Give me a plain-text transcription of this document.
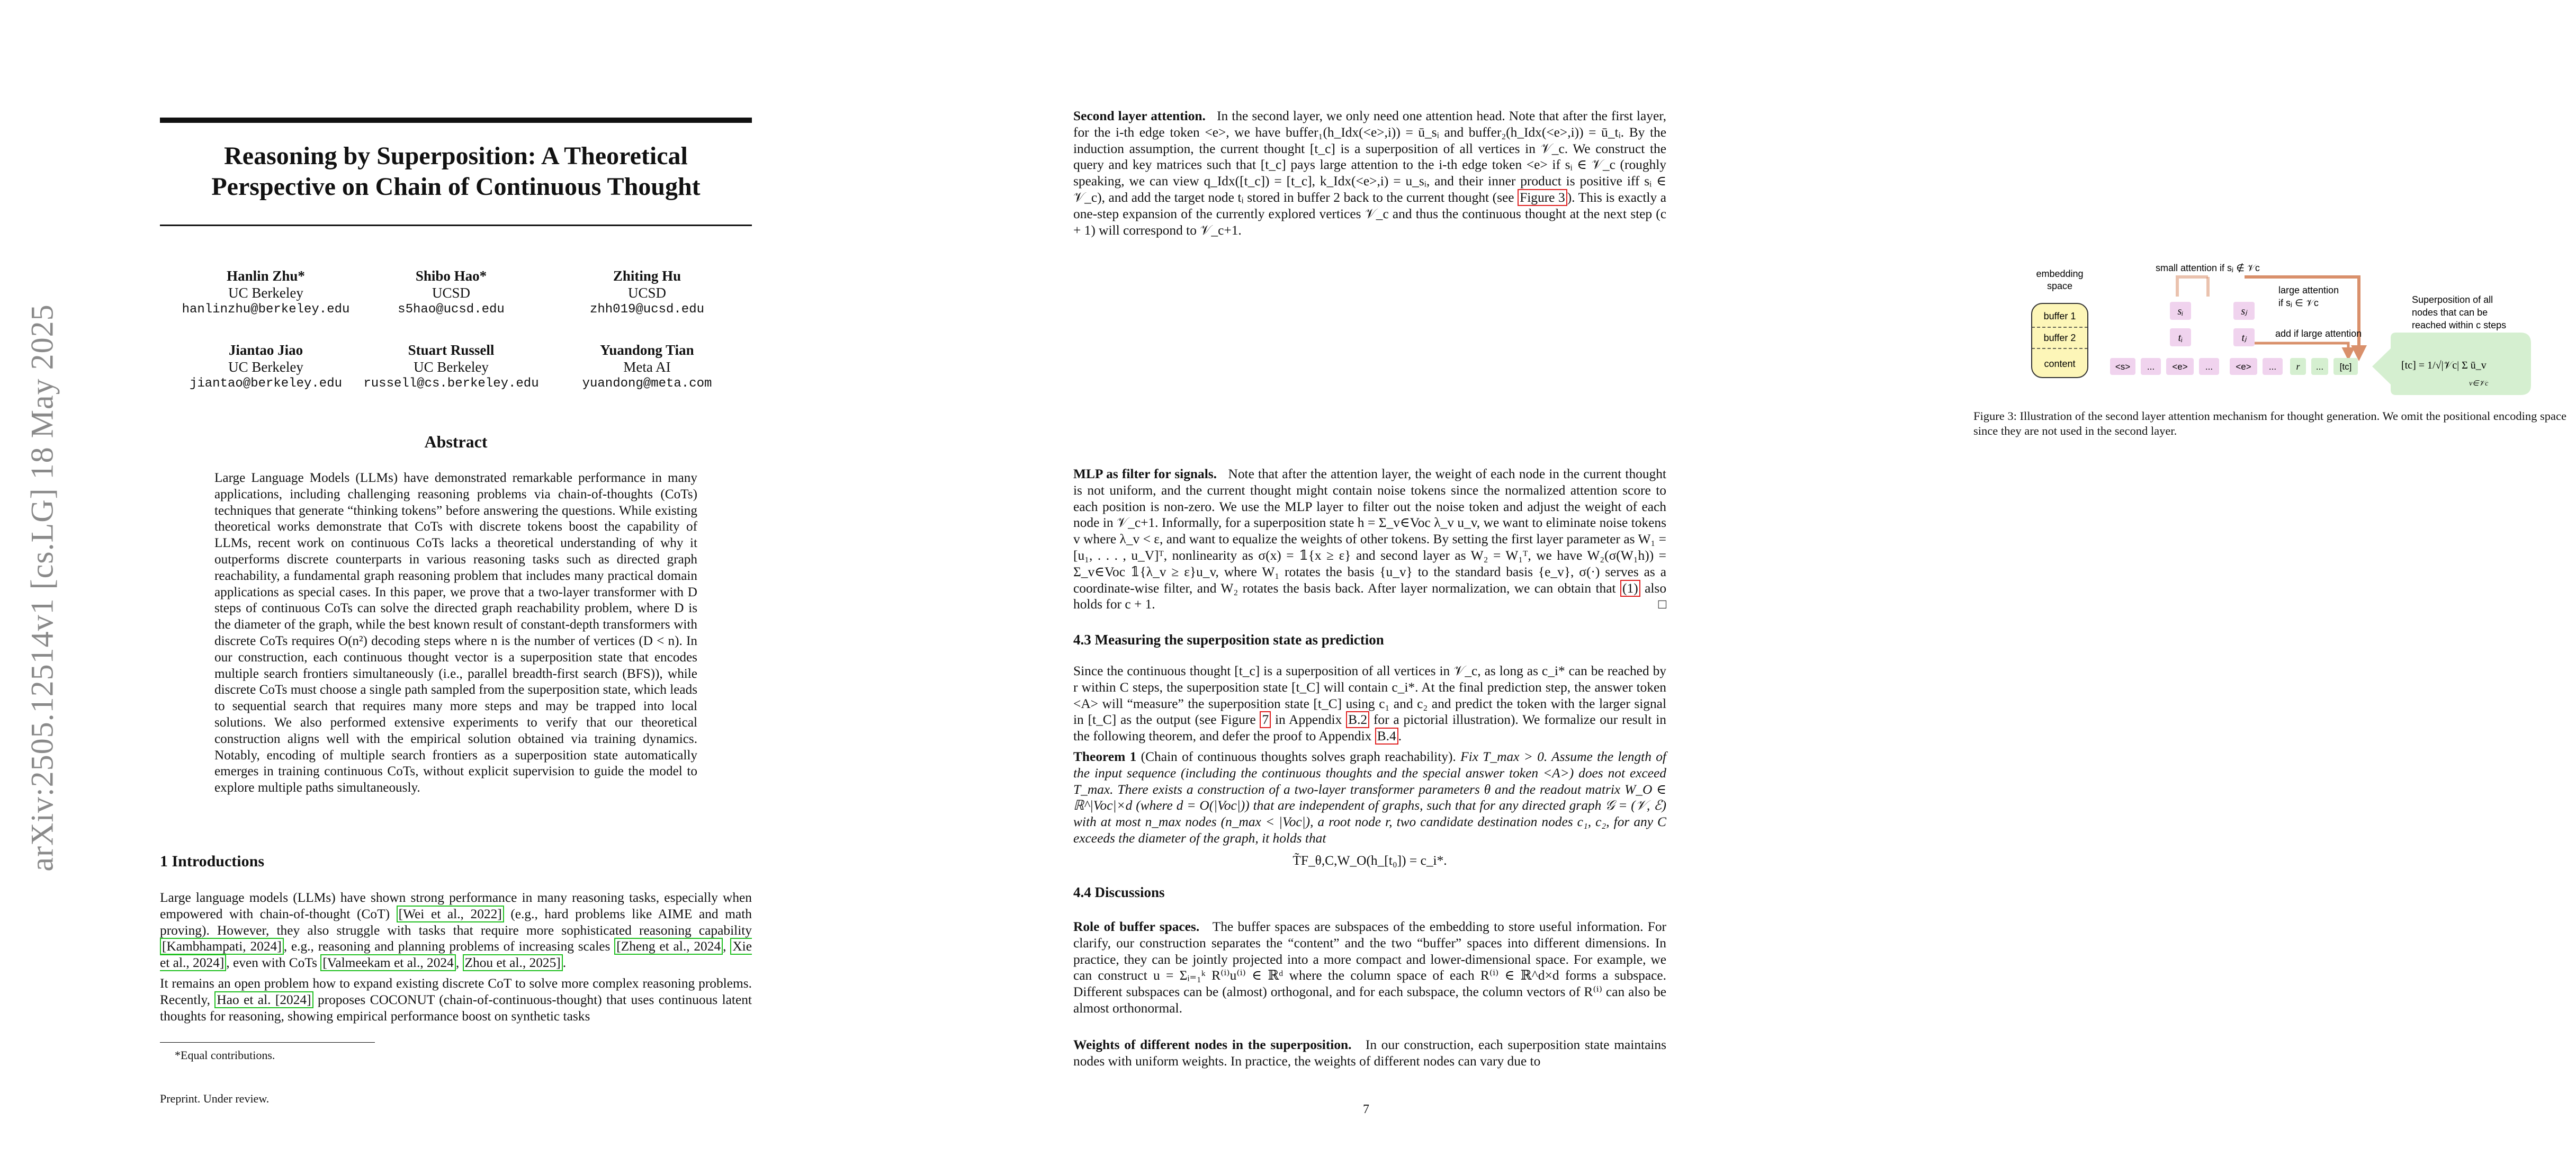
arXiv:2505.12514v1 [cs.LG] 18 May 2025
Reasoning by Superposition: A Theoretical
Perspective on Chain of Continuous Thought
Hanlin Zhu*
UC Berkeley
hanlinzhu@berkeley.edu
Shibo Hao*
UCSD
s5hao@ucsd.edu
Zhiting Hu
UCSD
zhh019@ucsd.edu
Jiantao Jiao
UC Berkeley
jiantao@berkeley.edu
Stuart Russell
UC Berkeley
russell@cs.berkeley.edu
Yuandong Tian
Meta AI
yuandong@meta.com
Abstract
Large Language Models (LLMs) have demonstrated remarkable performance in many applications, including challenging reasoning problems via chain-of-thoughts (CoTs) techniques that generate “thinking tokens” before answering the questions. While existing theoretical works demonstrate that CoTs with discrete tokens boost the capability of LLMs, recent work on continuous CoTs lacks a theoretical understanding of why it outperforms discrete counterparts in various reasoning tasks such as directed graph reachability, a fundamental graph reasoning problem that includes many practical domain applications as special cases. In this paper, we prove that a two-layer transformer with D steps of continuous CoTs can solve the directed graph reachability problem, where D is the diameter of the graph, while the best known result of constant-depth transformers with discrete CoTs requires O(n²) decoding steps where n is the number of vertices (D < n). In our construction, each continuous thought vector is a superposition state that encodes multiple search frontiers simultaneously (i.e., parallel breadth-first search (BFS)), while discrete CoTs must choose a single path sampled from the superposition state, which leads to sequential search that requires many more steps and may be trapped into local solutions. We also performed extensive experiments to verify that our theoretical construction aligns well with the empirical solution obtained via training dynamics. Notably, encoding of multiple search frontiers as a superposition state automatically emerges in training continuous CoTs, without explicit supervision to guide the model to explore multiple paths simultaneously.
1 Introductions
Large language models (LLMs) have shown strong performance in many reasoning tasks, especially when empowered with chain-of-thought (CoT) [Wei et al., 2022] (e.g., hard problems like AIME and math proving). However, they also struggle with tasks that require more sophisticated reasoning capability [Kambhampati, 2024] , e.g., reasoning and planning problems of increasing scales [Zheng et al., 2024 , Xie et al., 2024] , even with CoTs [Valmeekam et al., 2024 , Zhou et al., 2025] .
It remains an open problem how to expand existing discrete CoT to solve more complex reasoning problems. Recently, Hao et al. [2024] proposes COCONUT (chain-of-continuous-thought) that uses continuous latent thoughts for reasoning, showing empirical performance boost on synthetic tasks
*Equal contributions.
Preprint. Under review.
Second layer attention. In the second layer, we only need one attention head. Note that after the first layer, for the i-th edge token <e>, we have buffer₁(h_Idx(<e>,i)) = ū_sᵢ and buffer₂(h_Idx(<e>,i)) = ū_tᵢ. By the induction assumption, the current thought [t_c] is a superposition of all vertices in 𝒱_c. We construct the query and key matrices such that [t_c] pays large attention to the i-th edge token <e> if sᵢ ∈ 𝒱_c (roughly speaking, we can view q_Idx([t_c]) = [t_c], k_Idx(<e>,i) = u_sᵢ, and their inner product is positive iff sᵢ ∈ 𝒱_c), and add the target node tᵢ stored in buffer 2 back to the current thought (see Figure 3 ). This is exactly a one-step expansion of the currently explored vertices 𝒱_c and thus the continuous thought at the next step (c + 1) will correspond to 𝒱_c+1.
embedding
space
buffer 1
buffer 2
content
small attention if sⱼ ∉ 𝒱c
large attention
if sⱼ ∈ 𝒱c
add if large attention
sᵢ
tᵢ
sⱼ
tⱼ
<s> ... <e> ...	<e> ... r ... [tc]
Superposition of all
nodes that can be
reached within c steps
[tc] = 1/√|𝒱c| Σ ū_v
v∈𝒱c
Figure 3: Illustration of the second layer attention mechanism for thought generation. We omit the positional encoding space since they are not used in the second layer.
MLP as filter for signals. Note that after the attention layer, the weight of each node in the current thought is not uniform, and the current thought might contain noise tokens since the normalized attention score to each position is non-zero. We use the MLP layer to filter out the noise token and adjust the weight of each node in 𝒱_c+1. Informally, for a superposition state h = Σ_v∈Voc λ_v u_v, we want to eliminate noise tokens v where λ_v < ε, and want to equalize the weights of other tokens. By setting the first layer parameter as W₁ = [u₁, . . . , u_V]ᵀ, nonlinearity as σ(x) = 𝟙{x ≥ ε} and second layer as W₂ = W₁ᵀ, we have W₂(σ(W₁h)) = Σ_v∈Voc 𝟙{λ_v ≥ ε}u_v, where W₁ rotates the basis {u_v} to the standard basis {e_v}, σ(·) serves as a coordinate-wise filter, and W₂ rotates the basis back. After layer normalization, we can obtain that (1) also holds for c + 1.	□
4.3 Measuring the superposition state as prediction
Since the continuous thought [t_c] is a superposition of all vertices in 𝒱_c, as long as c_i* can be reached by r within C steps, the superposition state [t_C] will contain c_i*. At the final prediction step, the answer token <A> will “measure” the superposition state [t_C] using c₁ and c₂ and predict the token with the larger signal in [t_C] as the output (see Figure 7 in Appendix B.2 for a pictorial illustration). We formalize our result in the following theorem, and defer the proof to Appendix B.4 .
Theorem 1 (Chain of continuous thoughts solves graph reachability). Fix T_max > 0. Assume the length of the input sequence (including the continuous thoughts and the special answer token <A>) does not exceed T_max. There exists a construction of a two-layer transformer parameters θ and the readout matrix W_O ∈ ℝ^|Voc|×d (where d = O(|Voc|)) that are independent of graphs, such that for any directed graph 𝒢 = (𝒱, ℰ) with at most n_max nodes (n_max < |Voc|), a root node r, two candidate destination nodes c₁, c₂, for any C exceeds the diameter of the graph, it holds that
T̃F_θ,C,W_O(h_[t₀]) = c_i*.
4.4 Discussions
Role of buffer spaces. The buffer spaces are subspaces of the embedding to store useful information. For clarify, our construction separates the “content” and the two “buffer” spaces into different dimensions. In practice, they can be jointly projected into a more compact and lower-dimensional space. For example, we can construct u = Σᵢ₌₁ᵏ R⁽ⁱ⁾u⁽ⁱ⁾ ∈ ℝᵈ where the column space of each R⁽ⁱ⁾ ∈ ℝ^d×d forms a subspace. Different subspaces can be (almost) orthogonal, and for each subspace, the column vectors of R⁽ⁱ⁾ can also be almost orthonormal.
Weights of different nodes in the superposition. In our construction, each superposition state maintains nodes with uniform weights. In practice, the weights of different nodes can vary due to
7
